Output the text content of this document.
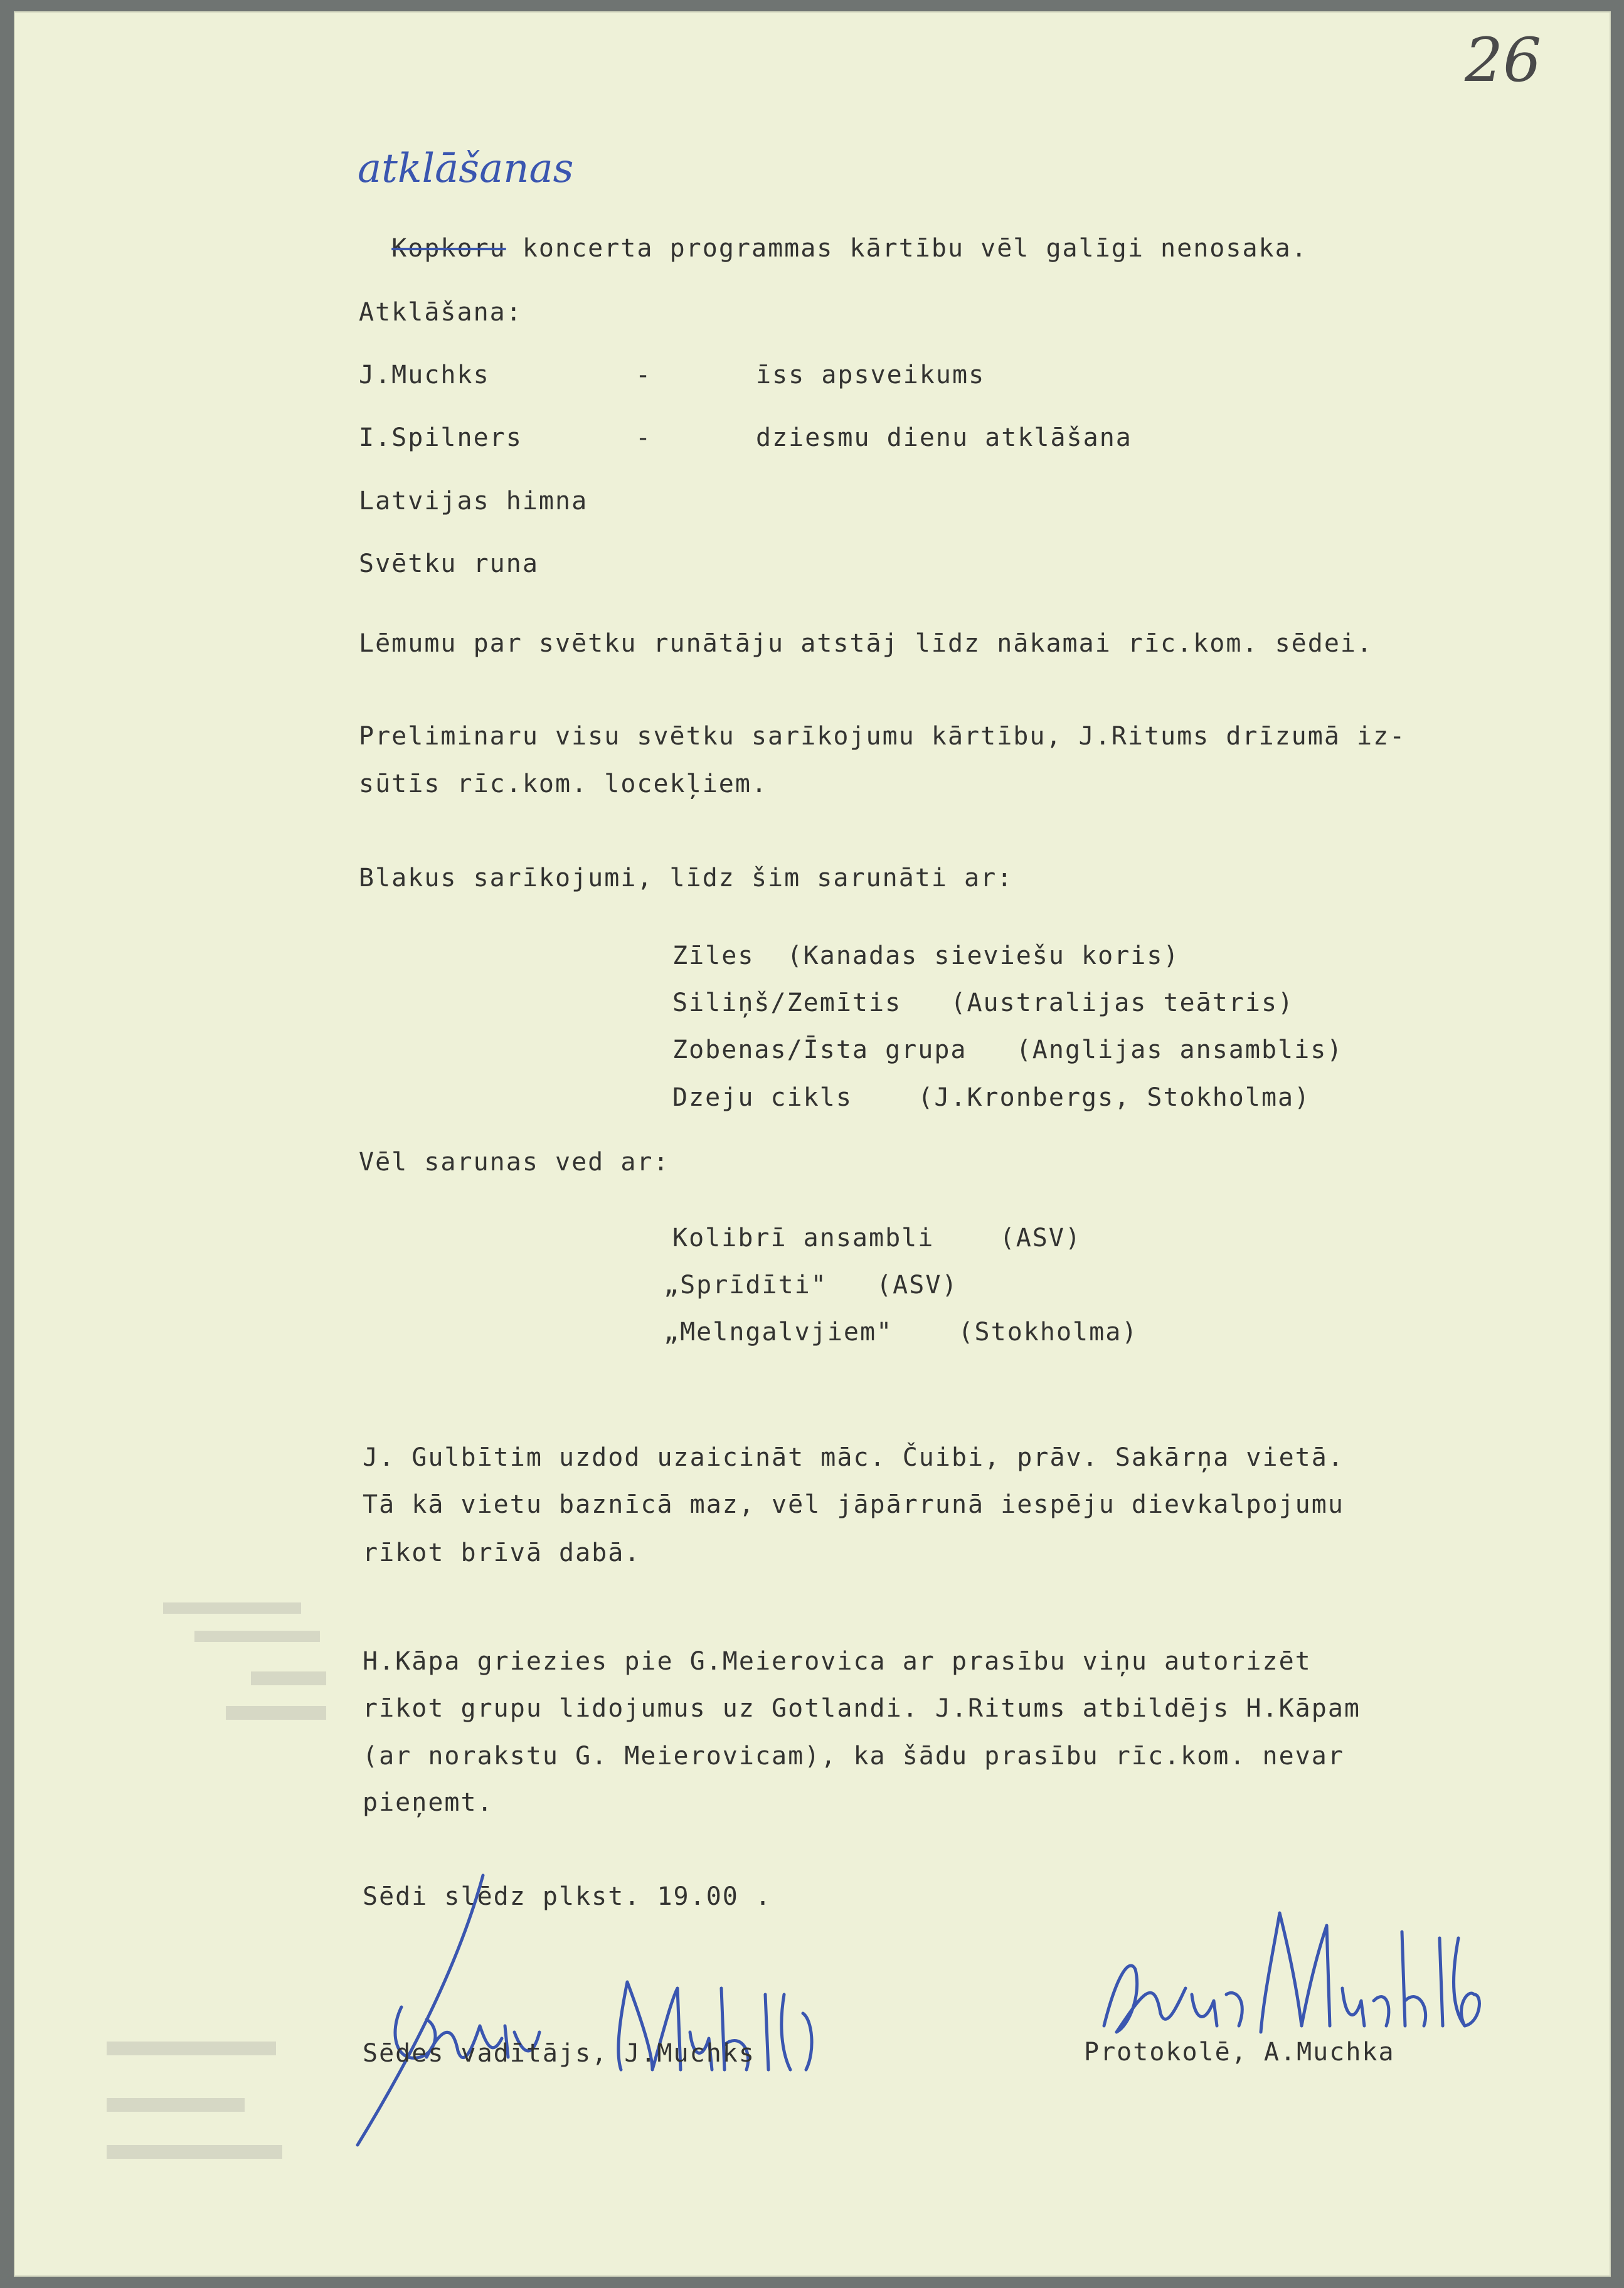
26
atklāšanas

Kopkoru koncerta programmas kārtību vēl galīgi nenosaka.

Atklāšana:
J.Muchks	-	īss apsveikums
I.Spilners	-	dziesmu dienu atklāšana
Latvijas himna
Svētku runa
Lēmumu par svētku runātāju atstāj līdz nākamai rīc.kom. sēdei.
Preliminaru visu svētku sarīkojumu kārtību, J.Ritums drīzumā iz-
sūtīs rīc.kom. locekļiem.
Blakus sarīkojumi, līdz šim sarunāti ar:
Zīles  (Kanadas sieviešu koris)
Siliņš/Zemītis   (Australijas teātris)
Zobenas/Īsta grupa   (Anglijas ansamblis)
Dzeju cikls    (J.Kronbergs, Stokholma)
Vēl sarunas ved ar:
Kolibrī ansambli    (ASV)
„Sprīdīti"   (ASV)
„Melngalvjiem"    (Stokholma)
J. Gulbītim uzdod uzaicināt māc. Čuibi, prāv. Sakārņa vietā.
Tā kā vietu baznīcā maz, vēl jāpārrunā iespēju dievkalpojumu
rīkot brīvā dabā.
H.Kāpa griezies pie G.Meierovica ar prasību viņu autorizēt
rīkot grupu lidojumus uz Gotlandi. J.Ritums atbildējs H.Kāpam
(ar norakstu G. Meierovicam), ka šādu prasību rīc.kom. nevar
pieņemt.
Sēdi slēdz plkst. 19.00 .
Sēdes vadītājs, J.Muchks	Protokolē, A.Muchka
